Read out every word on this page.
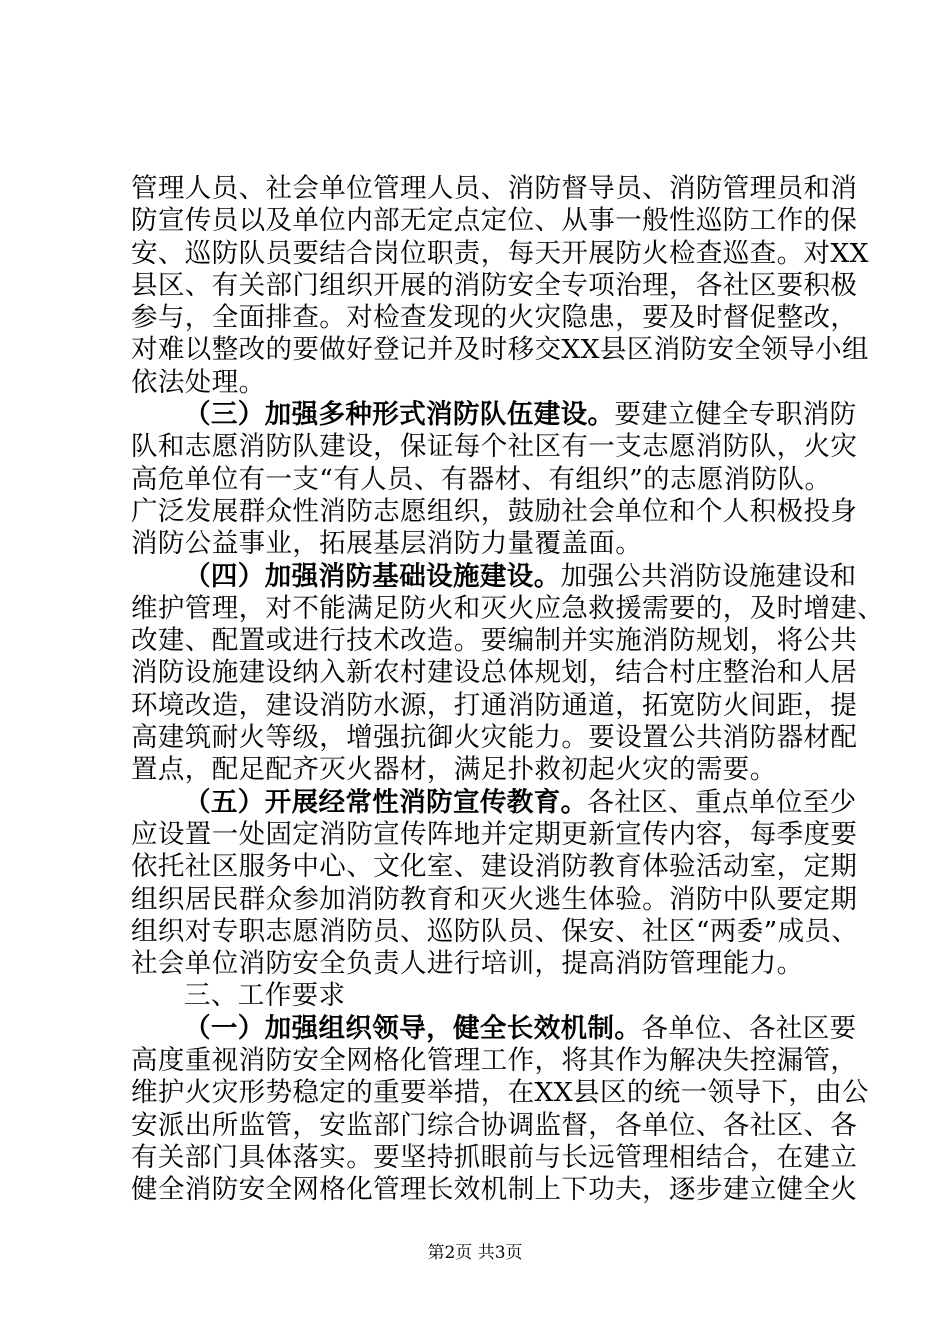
管理人员、社会单位管理人员、消防督导员、消防管理员和消
防宣传员以及单位内部无定点定位、从事一般性巡防工作的保
安、巡防队员要结合岗位职责，每天开展防火检查巡查。对XX
县区、有关部门组织开展的消防安全专项治理，各社区要积极
参与，全面排查。对检查发现的火灾隐患，要及时督促整改，
对难以整改的要做好登记并及时移交XX县区消防安全领导小组
依法处理。
（三）加强多种形式消防队伍建设。要建立健全专职消防
队和志愿消防队建设，保证每个社区有一支志愿消防队，火灾
高危单位有一支“有人员、有器材、有组织”的志愿消防队。
广泛发展群众性消防志愿组织，鼓励社会单位和个人积极投身
消防公益事业，拓展基层消防力量覆盖面。
（四）加强消防基础设施建设。加强公共消防设施建设和
维护管理，对不能满足防火和灭火应急救援需要的，及时增建、
改建、配置或进行技术改造。要编制并实施消防规划，将公共
消防设施建设纳入新农村建设总体规划，结合村庄整治和人居
环境改造，建设消防水源，打通消防通道，拓宽防火间距，提
高建筑耐火等级，增强抗御火灾能力。要设置公共消防器材配
置点，配足配齐灭火器材，满足扑救初起火灾的需要。
（五）开展经常性消防宣传教育。各社区、重点单位至少
应设置一处固定消防宣传阵地并定期更新宣传内容，每季度要
依托社区服务中心、文化室、建设消防教育体验活动室，定期
组织居民群众参加消防教育和灭火逃生体验。消防中队要定期
组织对专职志愿消防员、巡防队员、保安、社区“两委”成员、
社会单位消防安全负责人进行培训，提高消防管理能力。
三、工作要求
（一）加强组织领导，健全长效机制。各单位、各社区要
高度重视消防安全网格化管理工作，将其作为解决失控漏管，
维护火灾形势稳定的重要举措，在XX县区的统一领导下，由公
安派出所监管，安监部门综合协调监督，各单位、各社区、各
有关部门具体落实。要坚持抓眼前与长远管理相结合，在建立
健全消防安全网格化管理长效机制上下功夫，逐步建立健全火
第2页 共3页
